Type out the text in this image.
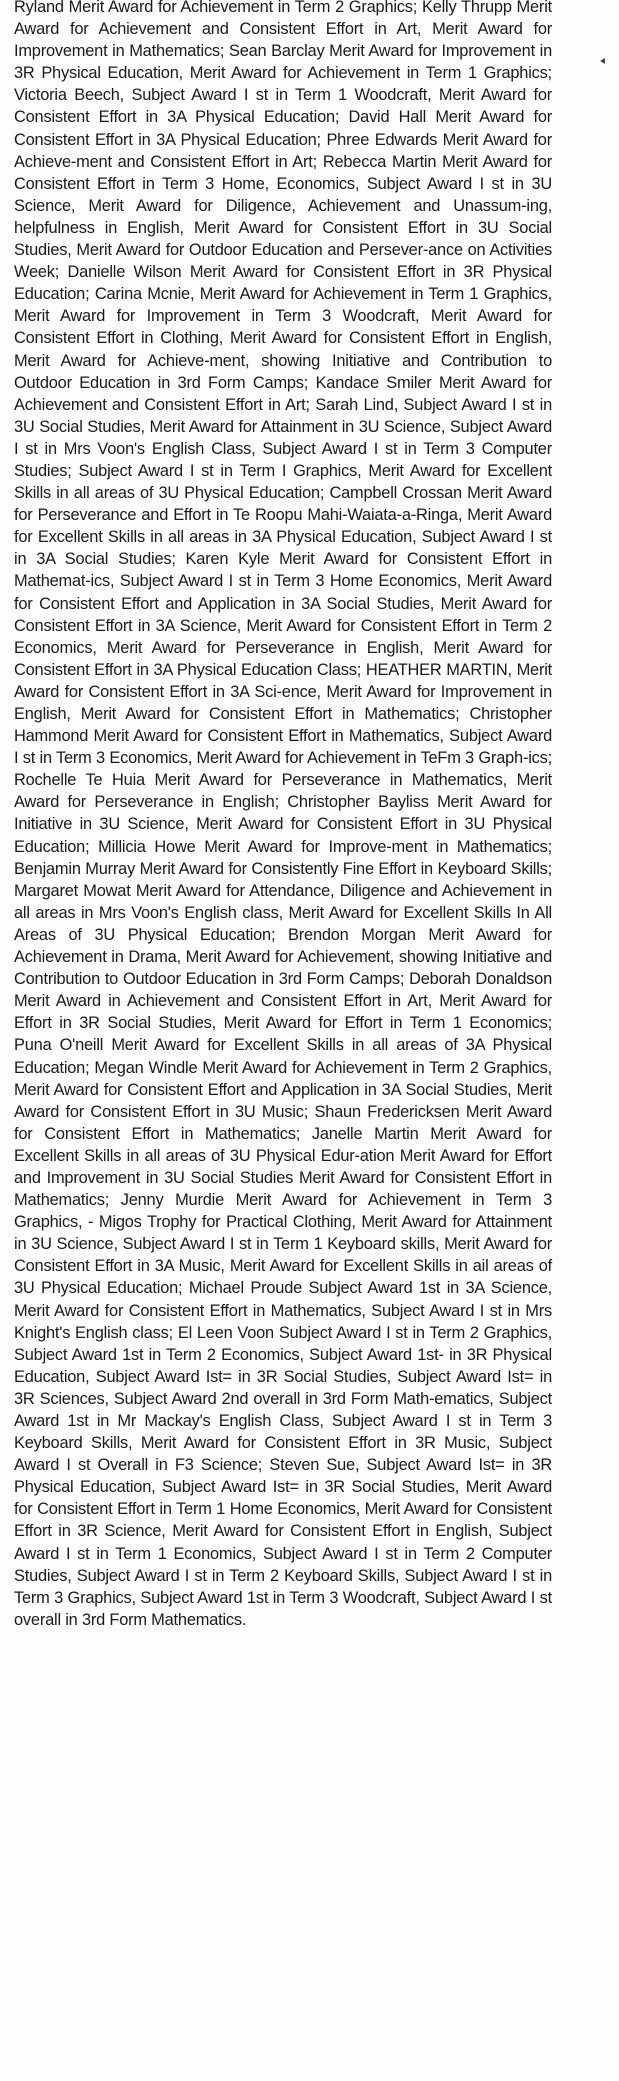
Ryland Merit Award for Achievement in Term 2 Graphics; Kelly Thrupp Merit Award for Achievement and Consistent Effort in Art, Merit Award for Improvement in Mathematics; Sean Barclay Merit Award for Improvement in 3R Physical Education, Merit Award for Achievement in Term 1 Graphics; Victoria Beech, Subject Award I st in Term 1 Woodcraft, Merit Award for Consistent Effort in 3A Physical Education; David Hall Merit Award for Consistent Effort in 3A Physical Education; Phree Edwards Merit Award for Achieve-ment and Consistent Effort in Art; Rebecca Martin Merit Award for Consistent Effort in Term 3 Home, Economics, Subject Award I st in 3U Science, Merit Award for Diligence, Achievement and Unassum-ing, helpfulness in English, Merit Award for Consistent Effort in 3U Social Studies, Merit Award for Outdoor Education and Persever-ance on Activities Week; Danielle Wilson Merit Award for Consistent Effort in 3R Physical Education; Carina Mcnie, Merit Award for Achievement in Term 1 Graphics, Merit Award for Improvement in Term 3 Woodcraft, Merit Award for Consistent Effort in Clothing, Merit Award for Consistent Effort in English, Merit Award for Achieve-ment, showing Initiative and Contribution to Outdoor Education in 3rd Form Camps; Kandace Smiler Merit Award for Achievement and Consistent Effort in Art; Sarah Lind, Subject Award I st in 3U Social Studies, Merit Award for Attainment in 3U Science, Subject Award I st in Mrs Voon's English Class, Subject Award I st in Term 3 Computer Studies; Subject Award I st in Term I Graphics, Merit Award for Excellent Skills in all areas of 3U Physical Education; Campbell Crossan Merit Award for Perseverance and Effort in Te Roopu Mahi-Waiata-a-Ringa, Merit Award for Excellent Skills in all areas in 3A Physical Education, Subject Award I st in 3A Social Studies; Karen Kyle Merit Award for Consistent Effort in Mathemat-ics, Subject Award I st in Term 3 Home Economics, Merit Award for Consistent Effort and Application in 3A Social Studies, Merit Award for Consistent Effort in 3A Science, Merit Award for Consistent Effort in Term 2 Economics, Merit Award for Perseverance in English, Merit Award for Consistent Effort in 3A Physical Education Class; HEATHER MARTIN, Merit Award for Consistent Effort in 3A Sci-ence, Merit Award for Improvement in English, Merit Award for Consistent Effort in Mathematics; Christopher Hammond Merit Award for Consistent Effort in Mathematics, Subject Award I st in Term 3 Economics, Merit Award for Achievement in TeFm 3 Graph-ics; Rochelle Te Huia Merit Award for Perseverance in Mathematics, Merit Award for Perseverance in English; Christopher Bayliss Merit Award for Initiative in 3U Science, Merit Award for Consistent Effort in 3U Physical Education; Millicia Howe Merit Award for Improve-ment in Mathematics; Benjamin Murray Merit Award for Consistently Fine Effort in Keyboard Skills; Margaret Mowat Merit Award for Attendance, Diligence and Achievement in all areas in Mrs Voon's English class, Merit Award for Excellent Skills In All Areas of 3U Physical Education; Brendon Morgan Merit Award for Achievement in Drama, Merit Award for Achievement, showing Initiative and Contribution to Outdoor Education in 3rd Form Camps; Deborah Donaldson Merit Award in Achievement and Consistent Effort in Art, Merit Award for Effort in 3R Social Studies, Merit Award for Effort in Term 1 Economics; Puna O'neill Merit Award for Excellent Skills in all areas of 3A Physical Education; Megan Windle Merit Award for Achievement in Term 2 Graphics, Merit Award for Consistent Effort and Application in 3A Social Studies, Merit Award for Consistent Effort in 3U Music; Shaun Fredericksen Merit Award for Consistent Effort in Mathematics; Janelle Martin Merit Award for Excellent Skills in all areas of 3U Physical Edur-ation Merit Award for Effort and Improvement in 3U Social Studies Merit Award for Consistent Effort in Mathematics; Jenny Murdie Merit Award for Achievement in Term 3 Graphics, - Migos Trophy for Practical Clothing, Merit Award for Attainment in 3U Science, Subject Award I st in Term 1 Keyboard skills, Merit Award for Consistent Effort in 3A Music, Merit Award for Excellent Skills in ail areas of 3U Physical Education; Michael Proude Subject Award 1st in 3A Science, Merit Award for Consistent Effort in Mathematics, Subject Award I st in Mrs Knight's English class; El Leen Voon Subject Award I st in Term 2 Graphics, Subject Award 1st in Term 2 Economics, Subject Award 1st- in 3R Physical Education, Subject Award Ist= in 3R Social Studies, Subject Award Ist= in 3R Sciences, Subject Award 2nd overall in 3rd Form Math-ematics, Subject Award 1st in Mr Mackay's English Class, Subject Award I st in Term 3 Keyboard Skills, Merit Award for Consistent Effort in 3R Music, Subject Award I st Overall in F3 Science; Steven Sue, Subject Award Ist= in 3R Physical Education, Subject Award Ist= in 3R Social Studies, Merit Award for Consistent Effort in Term 1 Home Economics, Merit Award for Consistent Effort in 3R Science, Merit Award for Consistent Effort in English, Subject Award I st in Term 1 Economics, Subject Award I st in Term 2 Computer Studies, Subject Award I st in Term 2 Keyboard Skills, Subject Award I st in Term 3 Graphics, Subject Award 1st in Term 3 Woodcraft, Subject Award I st overall in 3rd Form Mathematics.
